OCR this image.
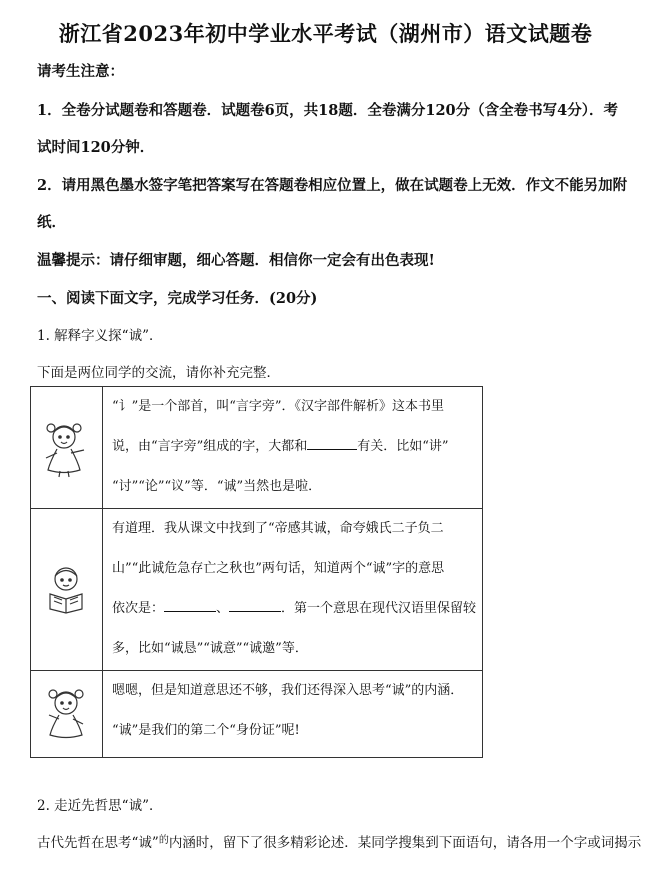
浙江省2023年初中学业水平考试（湖州市）语文试题卷
请考生注意：
1．全卷分试题卷和答题卷．试题卷6页，共18题．全卷满分120分（含全卷书写4分）．考
试时间120分钟．
2．请用黑色墨水签字笔把答案写在答题卷相应位置上，做在试题卷上无效．作文不能另加附
纸．
温馨提示：请仔细审题，细心答题．相信你一定会有出色表现!
一、阅读下面文字，完成学习任务．(20分)
1. 解释字义探“诚”．
下面是两位同学的交流，请你补充完整．

“讠”是一个部首，叫“言字旁”．《汉字部件解析》这本书里
说，由“言字旁”组成的字，大都和 有关．比如“讲”
“讨”“论”“议”等．“诚”当然也是啦．

有道理．我从课文中找到了“帝感其诚，命夸娥氏二子负二
山”“此诚危急存亡之秋也”两句话，知道两个“诚”字的意思
依次是： 、 ．第一个意思在现代汉语里保留较
多，比如“诚恳”“诚意”“诚邀”等．

嗯嗯，但是知道意思还不够，我们还得深入思考“诚”的内涵．
“诚”是我们的第二个“身份证”呢!
2. 走近先哲思“诚”．
古代先哲在思考“诚”$^的$内涵时，留下了很多精彩论述．某同学搜集到下面语句，请各用一个字或词揭示
